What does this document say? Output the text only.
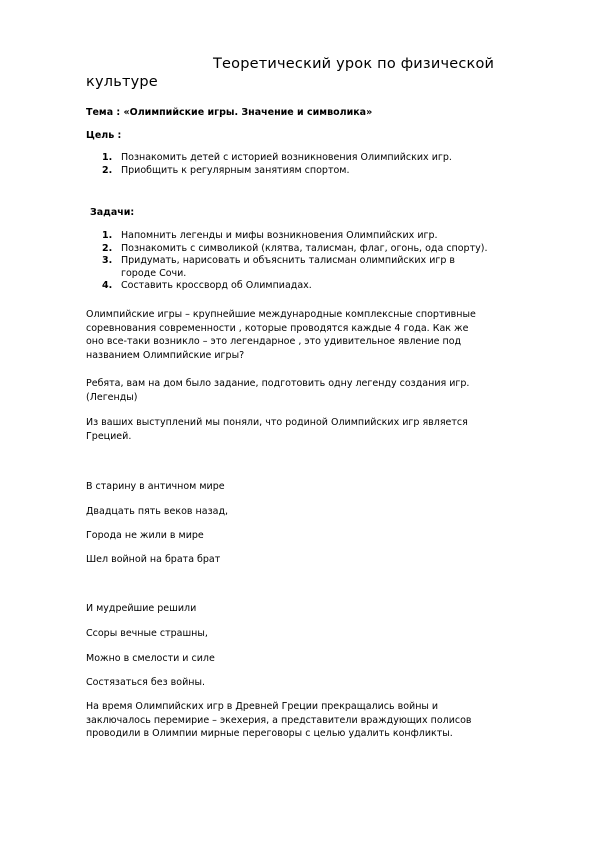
Теоретический урок по физической
культуре
Тема : «Олимпийские игры. Значение и символика»
Цель :
1. Познакомить детей с историей возникновения Олимпийских игр.
2. Приобщить к регулярным занятиям спортом.
Задачи:
1. Напомнить легенды и мифы возникновения Олимпийских игр.
2. Познакомить с символикой (клятва, талисман, флаг, огонь, ода спорту).
3. Придумать, нарисовать и объяснить талисман олимпийских игр в
городе Сочи.
4. Составить кроссворд об Олимпиадах.
Олимпийские игры – крупнейшие международные комплексные спортивные
соревнования современности , которые проводятся каждые 4 года. Как же
оно все-таки возникло – это легендарное , это удивительное явление под
названием Олимпийские игры?
Ребята, вам на дом было задание, подготовить одну легенду создания игр.
(Легенды)
Из ваших выступлений мы поняли, что родиной Олимпийских игр является
Грецией.
В старину в античном мире
Двадцать пять веков назад,
Города не жили в мире
Шел войной на брата брат
И мудрейшие решили
Ссоры вечные страшны,
Можно в смелости и силе
Состязаться без войны.
На время Олимпийских игр в Древней Греции прекращались войны и
заключалось перемирие – экехерия, а представители враждующих полисов
проводили в Олимпии мирные переговоры с целью удалить конфликты.
